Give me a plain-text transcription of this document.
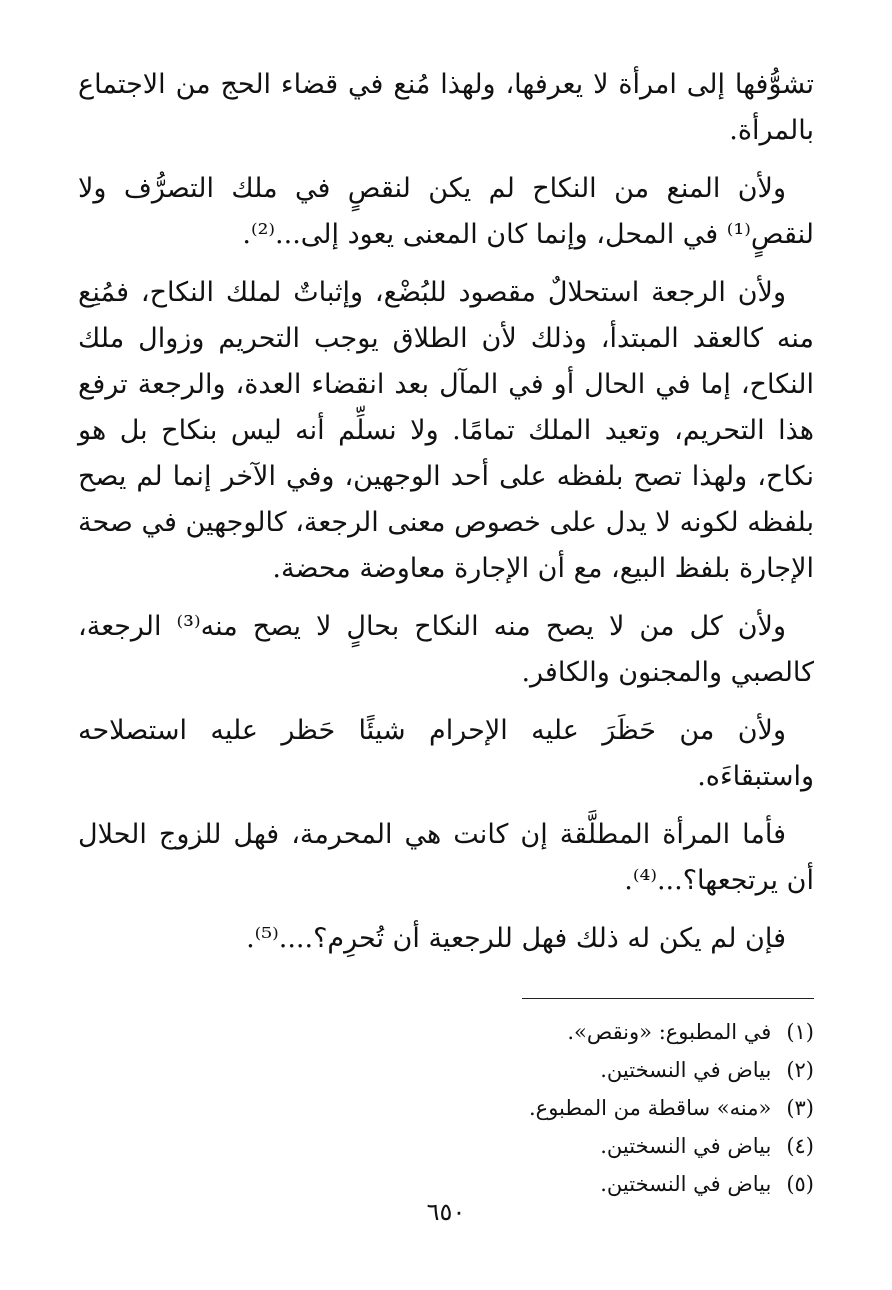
تشوُّفها إلى امرأة لا يعرفها، ولهذا مُنع في قضاء الحج من الاجتماع بالمرأة.

ولأن المنع من النكاح لم يكن لنقصٍ في ملك التصرُّف ولا لنقصٍ⁽¹⁾ في المحل، وإنما كان المعنى يعود إلى...⁽²⁾.

ولأن الرجعة استحلالٌ مقصود للبُضْع، وإثباتٌ لملك النكاح، فمُنِع منه كالعقد المبتدأ، وذلك لأن الطلاق يوجب التحريم وزوال ملك النكاح، إما في الحال أو في المآل بعد انقضاء العدة، والرجعة ترفع هذا التحريم، وتعيد الملك تمامًا. ولا نسلِّم أنه ليس بنكاح بل هو نكاح، ولهذا تصح بلفظه على أحد الوجهين، وفي الآخر إنما لم يصح بلفظه لكونه لا يدل على خصوص معنى الرجعة، كالوجهين في صحة الإجارة بلفظ البيع، مع أن الإجارة معاوضة محضة.

ولأن كل من لا يصح منه النكاح بحالٍ لا يصح منه⁽³⁾ الرجعة، كالصبي والمجنون والكافر.

ولأن من حَظَرَ عليه الإحرام شيئًا حَظر عليه استصلاحه واستبقاءَه.

فأما المرأة المطلَّقة إن كانت هي المحرمة، فهل للزوج الحلال أن يرتجعها؟...⁽⁴⁾.

فإن لم يكن له ذلك فهل للرجعية أن تُحرِم؟....⁽⁵⁾.

(١) في المطبوع: «ونقص».

(٢) بياض في النسختين.

(٣) «منه» ساقطة من المطبوع.

(٤) بياض في النسختين.

(٥) بياض في النسختين.

٦٥٠
